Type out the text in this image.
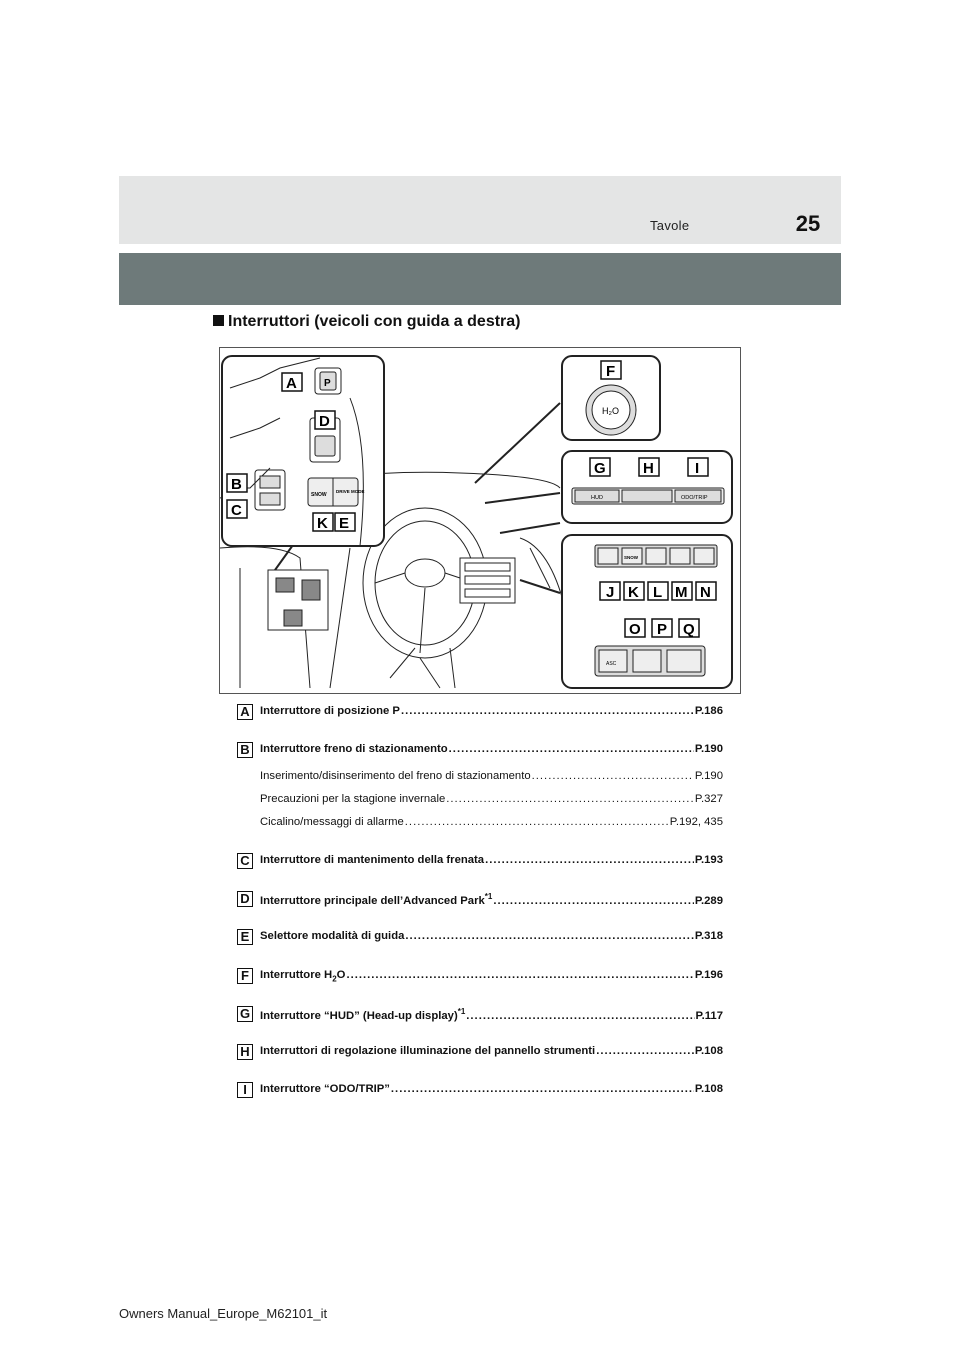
Tavole	25
Interruttori (veicoli con guida a destra)
SNOW
DRIVE MODE
P
A
D
B
C
K E
H₂O
F
HUD	ODO/TRIP
G H	I
SNOW
ASC
J K L M N
O P Q
A Interruttore di posizione P .....	P.186
B Interruttore freno di stazionamento .....	P.190
Inserimento/disinserimento del freno di stazionamento .....	P.190
Precauzioni per la stagione invernale .....	P.327
Cicalino/messaggi di allarme .....	P.192, 435
C Interruttore di mantenimento della frenata .....	P.193
D Interruttore principale dell’Advanced Park$^{*1}$ .....	P.289
E Selettore modalità di guida .....	P.318
F Interruttore $H_2O$ .....	P.196
G Interruttore “HUD” (Head-up display)$^{*1}$ .....	P.117
H Interruttori di regolazione illuminazione del pannello strumenti .....	P.108
I	Interruttore “ODO/TRIP” .....	P.108
Owners Manual_Europe_M62101_it
